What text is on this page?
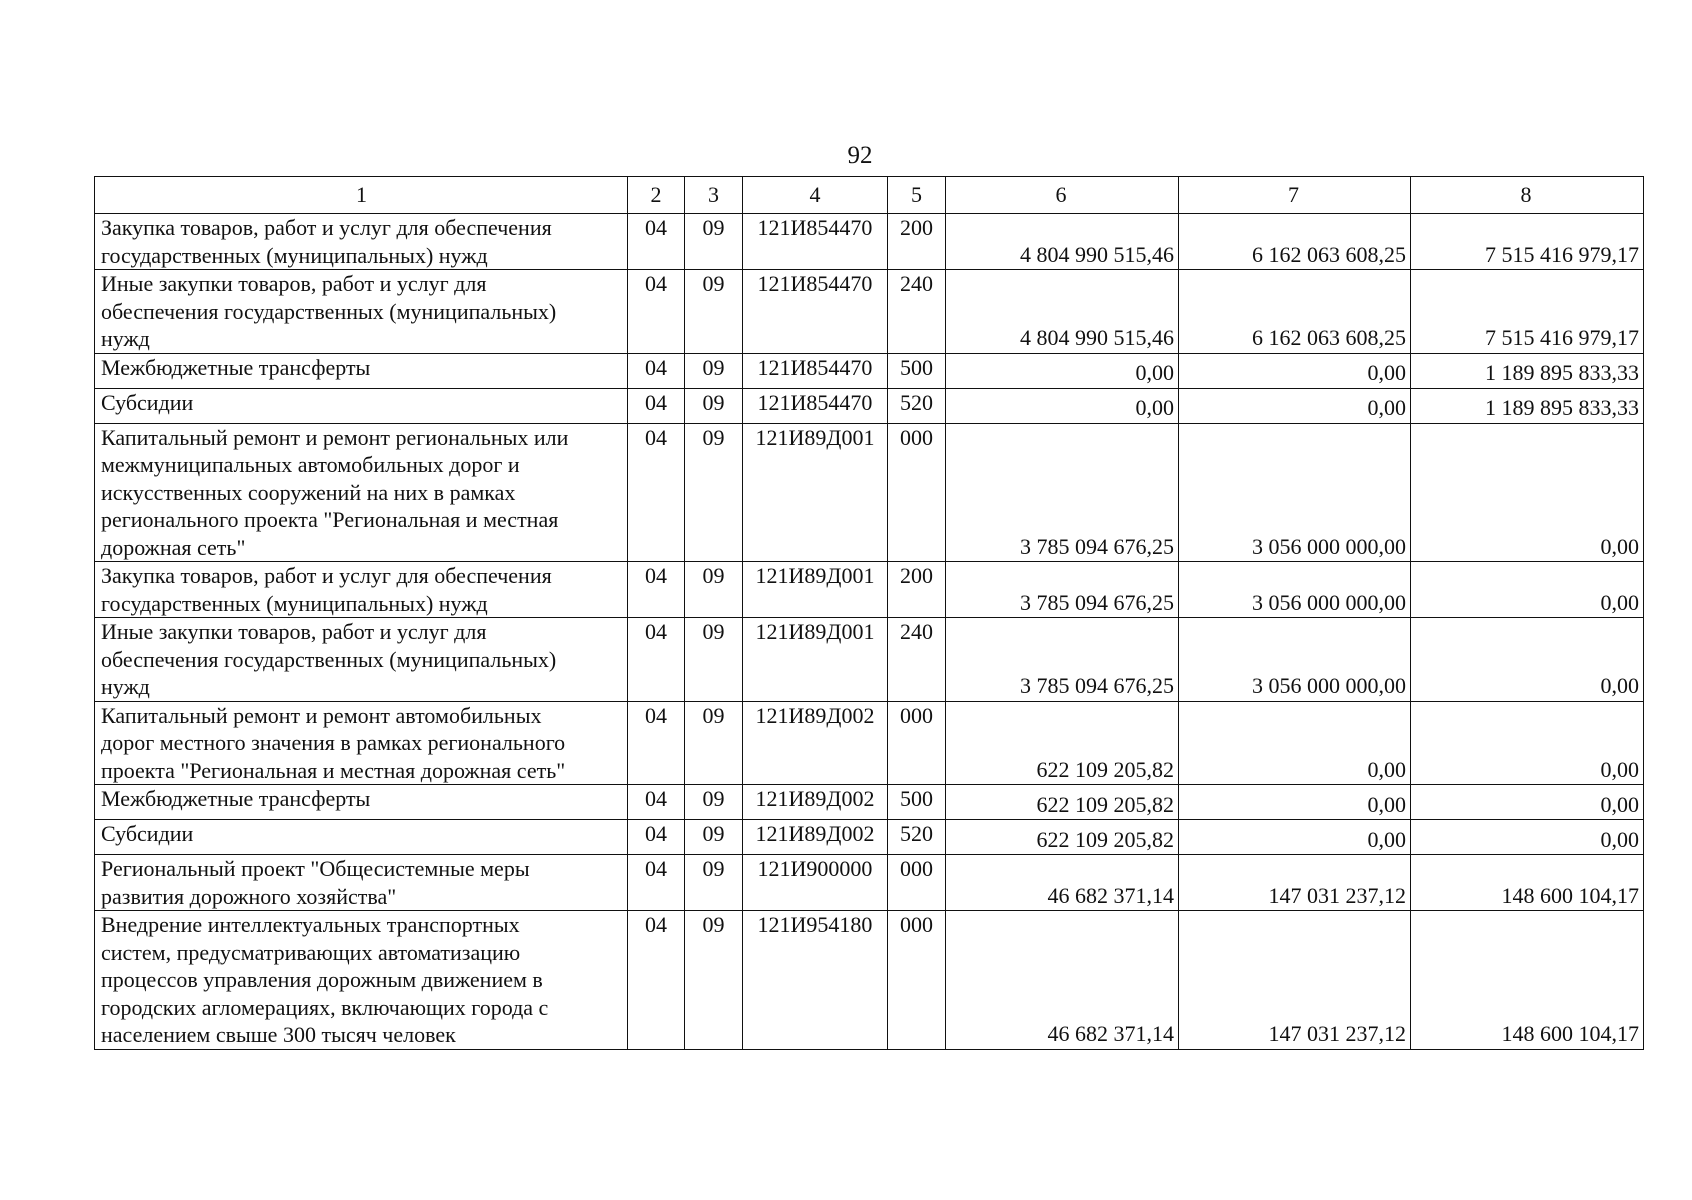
92
1	2	3	4	5	6	7	8

Закупка товаров, работ и услуг для обеспечения
государственных (муниципальных) нужд	04	09	121И854470	200	4 804 990 515,46	6 162 063 608,25	7 515 416 979,17

Иные закупки товаров, работ и услуг для
обеспечения государственных (муниципальных)
нужд	04	09	121И854470	240	4 804 990 515,46	6 162 063 608,25	7 515 416 979,17

Межбюджетные трансферты	04	09	121И854470	500	0,00	0,00	1 189 895 833,33

Субсидии	04	09	121И854470	520	0,00	0,00	1 189 895 833,33

Капитальный ремонт и ремонт региональных или
межмуниципальных автомобильных дорог и
искусственных сооружений на них в рамках
регионального проекта "Региональная и местная
дорожная сеть"	04	09	121И89Д001	000	3 785 094 676,25	3 056 000 000,00	0,00

Закупка товаров, работ и услуг для обеспечения
государственных (муниципальных) нужд	04	09	121И89Д001	200	3 785 094 676,25	3 056 000 000,00	0,00

Иные закупки товаров, работ и услуг для
обеспечения государственных (муниципальных)
нужд	04	09	121И89Д001	240	3 785 094 676,25	3 056 000 000,00	0,00

Капитальный ремонт и ремонт автомобильных
дорог местного значения в рамках регионального
проекта "Региональная и местная дорожная сеть"	04	09	121И89Д002	000	622 109 205,82	0,00	0,00

Межбюджетные трансферты	04	09	121И89Д002	500	622 109 205,82	0,00	0,00

Субсидии	04	09	121И89Д002	520	622 109 205,82	0,00	0,00

Региональный проект "Общесистемные меры
развития дорожного хозяйства"	04	09	121И900000	000	46 682 371,14	147 031 237,12	148 600 104,17

Внедрение интеллектуальных транспортных
систем, предусматривающих автоматизацию
процессов управления дорожным движением в
городских агломерациях, включающих города с
населением свыше 300 тысяч человек	04	09	121И954180	000	46 682 371,14	147 031 237,12	148 600 104,17
